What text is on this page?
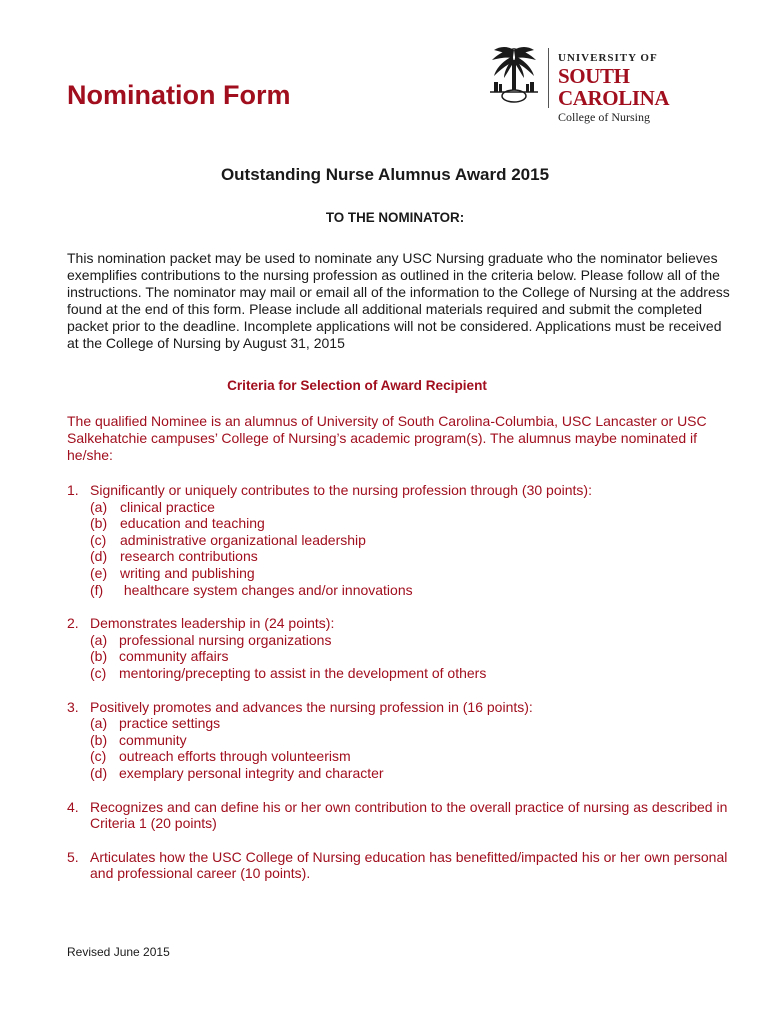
Nomination Form
UNIVERSITY OF
SOUTH CAROLINA
College of Nursing
Outstanding Nurse Alumnus Award 2015
TO THE NOMINATOR:

This nomination packet may be used to nominate any USC Nursing graduate who the nominator believes exemplifies contributions to the nursing profession as outlined in the criteria below. Please follow all of the instructions. The nominator may mail or email all of the information to the College of Nursing at the address found at the end of this form. Please include all additional materials required and submit the completed packet prior to the deadline. Incomplete applications will not be considered. Applications must be received at the College of Nursing by August 31, 2015

Criteria for Selection of Award Recipient

The qualified Nominee is an alumnus of University of South Carolina-Columbia, USC Lancaster or USC Salkehatchie campuses’ College of Nursing’s academic program(s). The alumnus maybe nominated if he/she:

1. Significantly or uniquely contributes to the nursing profession through (30 points):
(a) clinical practice
(b) education and teaching
(c) administrative organizational leadership
(d) research contributions
(e) writing and publishing
(f) healthcare system changes and/or innovations
2. Demonstrates leadership in (24 points):
(a) professional nursing organizations
(b) community affairs
(c) mentoring/precepting to assist in the development of others
3. Positively promotes and advances the nursing profession in (16 points):
(a) practice settings
(b) community
(c) outreach efforts through volunteerism
(d) exemplary personal integrity and character
4. Recognizes and can define his or her own contribution to the overall practice of nursing as described in Criteria 1 (20 points)
5. Articulates how the USC College of Nursing education has benefitted/impacted his or her own personal and professional career (10 points).

Revised June 2015
